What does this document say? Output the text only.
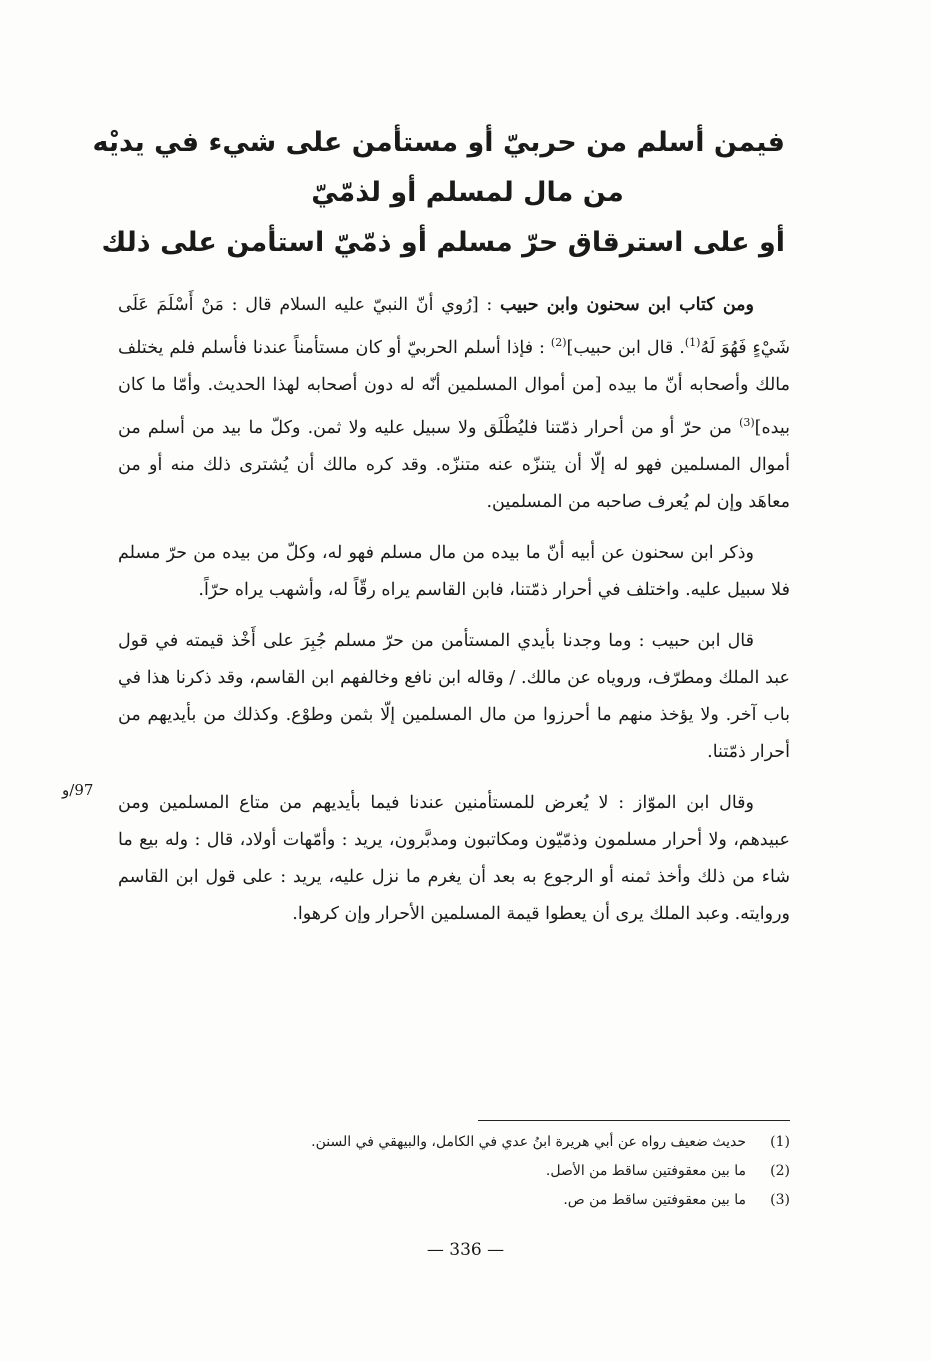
فيمن أسلم من حربيّ أو مستأمن على شيء في يديْه
من مال لمسلم أو لذمّيّ
أو على استرقاق حرّ مسلم أو ذمّيّ استأمن على ذلك

ومن كتاب ابن سحنون وابن حبيب : [رُوي أنّ النبيّ عليه السلام قال : مَنْ أَسْلَمَ عَلَى شَيْءٍ فَهُوَ لَهُ$^{(1)}$. قال ابن حبيب]$^{(2)}$ : فإذا أسلم الحربيّ أو كان مستأمناً عندنا فأسلم فلم يختلف مالك وأصحابه أنّ ما بيده [من أموال المسلمين أنّه له دون أصحابه لهذا الحديث. وأمّا ما كان بيده]$^{(3)}$ من حرّ أو من أحرار ذمّتنا فليُطْلَق ولا سبيل عليه ولا ثمن. وكلّ ما بيد من أسلم من أموال المسلمين فهو له إلّا أن يتنزّه عنه متنزّه. وقد كره مالك أن يُشترى ذلك منه أو من معاهَد وإن لم يُعرف صاحبه من المسلمين.

وذكر ابن سحنون عن أبيه أنّ ما بيده من مال مسلم فهو له، وكلّ من بيده من حرّ مسلم فلا سبيل عليه. واختلف في أحرار ذمّتنا، فابن القاسم يراه رقّاً له، وأشهب يراه حرّاً.

قال ابن حبيب : وما وجدنا بأيدي المستأمن من حرّ مسلم جُبِرَ على أَخْذ قيمته في قول عبد الملك ومطرّف، وروياه عن مالك. / وقاله ابن نافع وخالفهم ابن القاسم، وقد ذكرنا هذا في باب آخر. ولا يؤخذ منهم ما أحرزوا من مال المسلمين إلّا بثمن وطوْع. وكذلك من بأيديهم من أحرار ذمّتنا.

وقال ابن الموّاز : لا يُعرض للمستأمنين عندنا فيما بأيديهم من متاع المسلمين ومن عبيدهم، ولا أحرار مسلمون وذمّيّون ومكاتبون ومدبَّرون، يريد : وأمّهات أولاد، قال : وله بيع ما شاء من ذلك وأخذ ثمنه أو الرجوع به بعد أن يغرم ما نزل عليه، يريد : على قول ابن القاسم وروايته. وعبد الملك يرى أن يعطوا قيمة المسلمين الأحرار وإن كرهوا.

97/و
(1)
حديث ضعيف رواه عن أبي هريرة ابنُ عدي في الكامل، والبيهقي في السنن.
(2)
ما بين معقوفتين ساقط من الأصل.
(3)
ما بين معقوفتين ساقط من ص.
— 336 —
